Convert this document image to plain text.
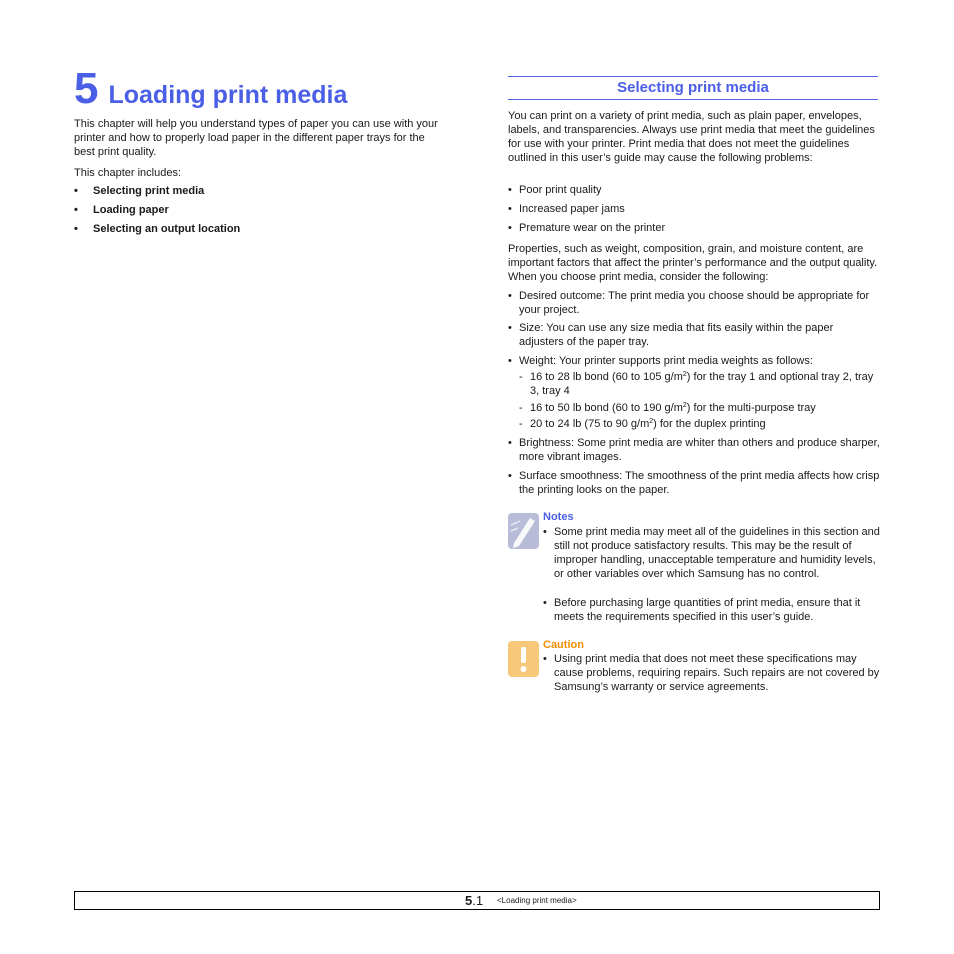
5 Loading print media

This chapter will help you understand types of paper you can use with your printer and how to properly load paper in the different paper trays for the best print quality.

This chapter includes:

• Selecting print media
• Loading paper
• Selecting an output location
Selecting print media

You can print on a variety of print media, such as plain paper, envelopes, labels, and transparencies. Always use print media that meet the guidelines for use with your printer. Print media that does not meet the guidelines outlined in this user’s guide may cause the following problems:

• Poor print quality
• Increased paper jams
• Premature wear on the printer

Properties, such as weight, composition, grain, and moisture content, are important factors that affect the printer’s performance and the output quality. When you choose print media, consider the following:

• Desired outcome: The print media you choose should be appropriate for your project.
• Size: You can use any size media that fits easily within the paper adjusters of the paper tray.
• Weight: Your printer supports print media weights as follows:
- 16 to 28 lb bond (60 to 105 $g/m^2$) for the tray 1 and optional tray 2, tray 3, tray 4
- 16 to 50 lb bond (60 to 190 $g/m^2$) for the multi-purpose tray
- 20 to 24 lb (75 to 90 $g/m^2$) for the duplex printing
• Brightness: Some print media are whiter than others and produce sharper, more vibrant images.
• Surface smoothness: The smoothness of the print media affects how crisp the printing looks on the paper.
Notes
• Some print media may meet all of the guidelines in this section and still not produce satisfactory results. This may be the result of improper handling, unacceptable temperature and humidity levels, or other variables over which Samsung has no control.
• Before purchasing large quantities of print media, ensure that it meets the requirements specified in this user’s guide.
Caution
• Using print media that does not meet these specifications may cause problems, requiring repairs. Such repairs are not covered by Samsung’s warranty or service agreements.
5.1 <Loading print media>
